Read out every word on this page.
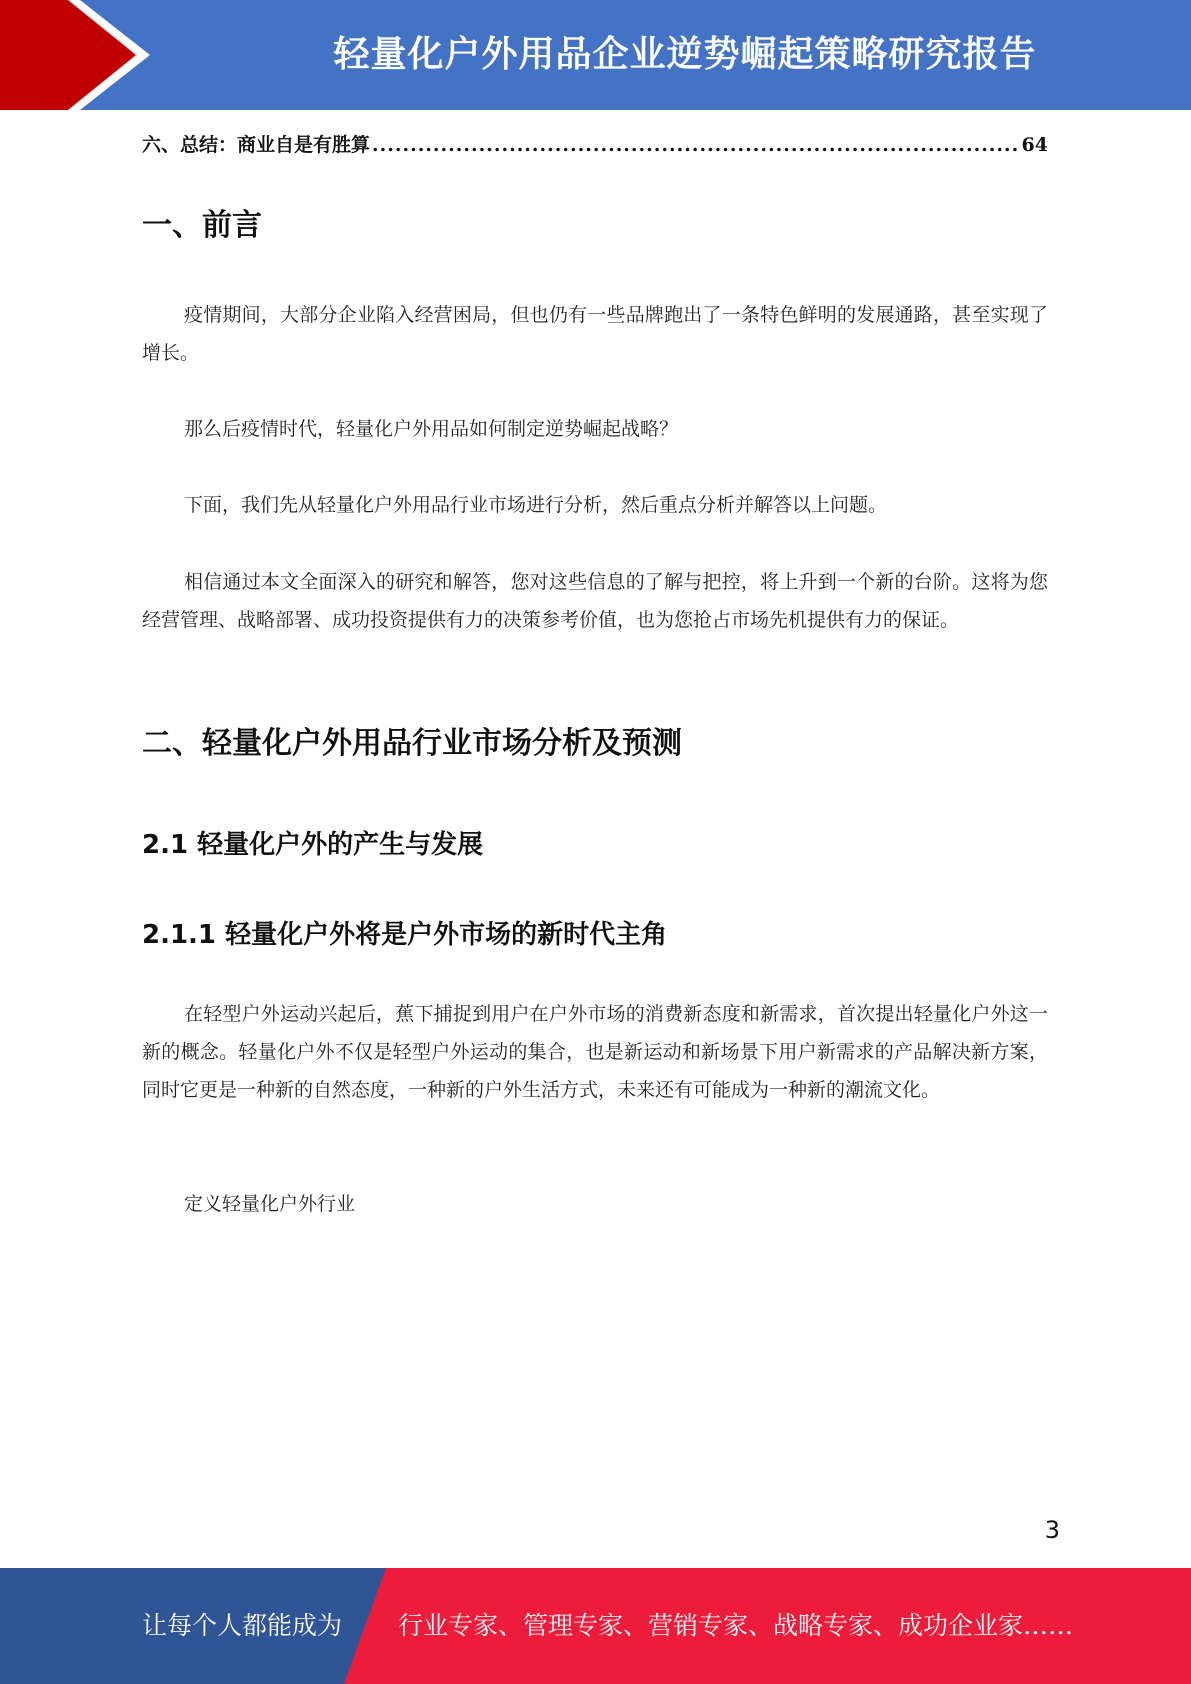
轻量化户外用品企业逆势崛起策略研究报告
六、总结：商业自是有胜算
.....	64
一、前言

疫情期间，大部分企业陷入经营困局，但也仍有一些品牌跑出了一条特色鲜明的发展通路，甚至实现了增长。

那么后疫情时代，轻量化户外用品如何制定逆势崛起战略？

下面，我们先从轻量化户外用品行业市场进行分析，然后重点分析并解答以上问题。

相信通过本文全面深入的研究和解答，您对这些信息的了解与把控，将上升到一个新的台阶。这将为您经营管理、战略部署、成功投资提供有力的决策参考价值，也为您抢占市场先机提供有力的保证。

二、轻量化户外用品行业市场分析及预测
2.1 轻量化户外的产生与发展
2.1.1 轻量化户外将是户外市场的新时代主角

在轻型户外运动兴起后，蕉下捕捉到用户在户外市场的消费新态度和新需求，首次提出轻量化户外这一新的概念。轻量化户外不仅是轻型户外运动的集合，也是新运动和新场景下用户新需求的产品解决新方案，同时它更是一种新的自然态度，一种新的户外生活方式，未来还有可能成为一种新的潮流文化。

定义轻量化户外行业

3
让每个人都能成为 行业专家、管理专家、营销专家、战略专家、成功企业家……
